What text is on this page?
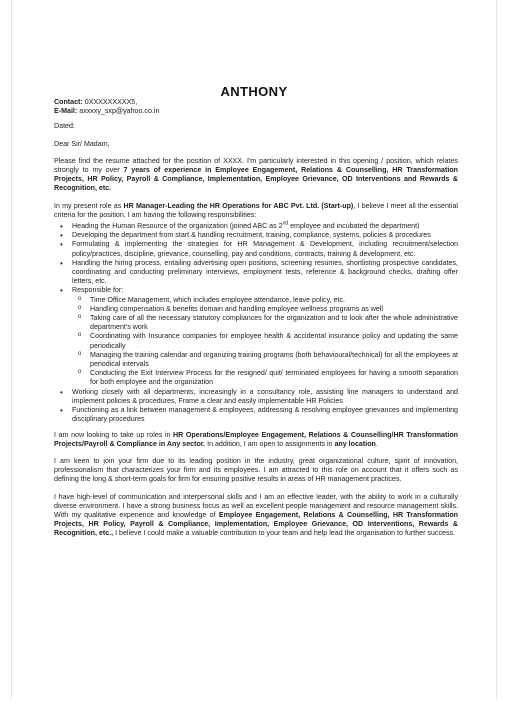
ANTHONY
Contact: 0XXXXXXXXX5,
E-Mail: axxxxy_sxp@yahoo.co.in

Dated:

Dear Sir/ Madam,

Please find the resume attached for the position of XXXX. I'm particularly interested in this opening / position, which relates strongly to my over 7 years of experience in Employee Engagement, Relations & Counselling, HR Transformation Projects, HR Policy, Payroll & Compliance, Implementation, Employee Grievance, OD Interventions and Rewards & Recognition, etc.

In my present role as HR Manager-Leading the HR Operations for ABC Pvt. Ltd. (Start-up), I believe I meet all the essential criteria for the position. I am having the following responsibilities:

• Heading the Human Resource of the organization (joined ABC as 2nd employee and incubated the department)
• Developing the department from start & handling recruitment, training, compliance, systems, policies & procedures
• Formulating & implementing the strategies for HR Management & Development, including recruitment/selection policy/practices, discipline, grievance, counselling, pay and conditions, contracts, training & development, etc.
• Handling the hiring process, entailing advertising open positions, screening resumes, shortlisting prospective candidates, coordinating and conducting preliminary interviews, employment tests, reference & background checks, drafting offer letters, etc.
• Responsible for:
o Time Office Management, which includes employee attendance, leave policy, etc.
o Handling compensation & benefits domain and handling employee wellness programs as well
o Taking care of all the necessary statutory compliances for the organization and to look after the whole administrative department's work
o Coordinating with Insurance companies for employee health & accidental insurance policy and updating the same periodically
o Managing the training calendar and organizing training programs (both behavioural/technical) for all the employees at periodical intervals
o Conducting the Exit Interview Process for the resigned/ quit/ terminated employees for having a smooth separation for both employee and the organization
• Working closely with all departments, increasingly in a consultancy role, assisting line managers to understand and implement policies & procedures, Frame a clear and easily implementable HR Policies
• Functioning as a link between management & employees, addressing & resolving employee grievances and implementing disciplinary procedures

I am now looking to take up roles in HR Operations/Employee Engagement, Relations & Counselling/HR Transformation Projects/Payroll & Compliance in Any sector. In addition, I am open to assignments in any location.

I am keen to join your firm due to its leading position in the industry, great organizational culture, spirit of innovation, professionalism that characterizes your firm and its employees. I am attracted to this role on account that it offers such as defining the long & short-term goals for firm for ensuring positive results in areas of HR management practices.

I have high-level of communication and interpersonal skills and I am an effective leader, with the ability to work in a culturally diverse environment. I have a strong business focus as well as excellent people management and resource management skills. With my qualitative experience and knowledge of Employee Engagement, Relations & Counselling, HR Transformation Projects, HR Policy, Payroll & Compliance, Implementation, Employee Grievance, OD Interventions, Rewards & Recognition, etc., I believe I could make a valuable contribution to your team and help lead the organisation to further success.
